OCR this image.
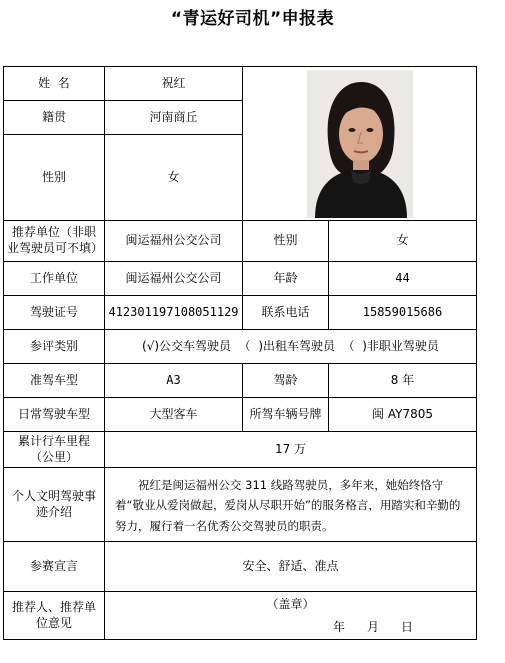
“青运好司机”申报表
姓  名	祝红	

籍贯	河南商丘		
性别	女		
推荐单位（非职业驾驶员可不填）	闽运福州公交公司	性别	女
工作单位	闽运福州公交公司	年龄	44
驾驶证号	412301197108051129	联系电话	15859015686
参评类别	(√)公交车驾驶员  （  )出租车驾驶员  （  )非职业驾驶员		
准驾车型	A3	驾龄	8 年
日常驾驶车型	大型客车	所驾车辆号牌	闽 AY7805
累计行车里程（公里）	17 万		
个人文明驾驶事迹介绍	祝红是闽运福州公交 311 线路驾驶员，多年来，她始终恪守着“敬业从爱岗做起，爱岗从尽职开始”的服务格言，用踏实和辛勤的努力，履行着一名优秀公交驾驶员的职责。		

参赛宣言	安全、舒适、准点		
推荐人、推荐单位意见	（盖章）
年 月 日		
